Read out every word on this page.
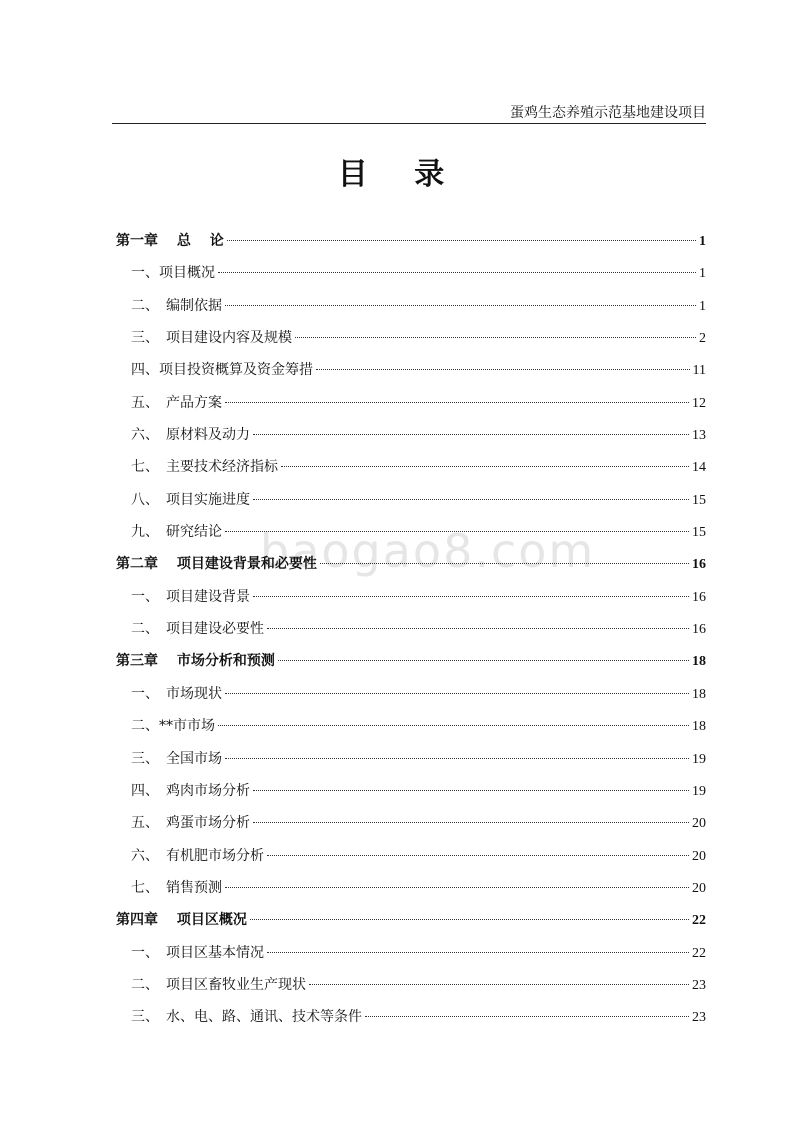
蛋鸡生态养殖示范基地建设项目
目 录
baogao8.com
第一章　 总　 论	1
一、项目概况	1
二、　编制依据	1
三、　项目建设内容及规模	2
四、项目投资概算及资金筹措	11
五、　产品方案	12
六、　原材料及动力	13
七、　主要技术经济指标	14
八、　项目实施进度	15
九、　研究结论	15
第二章　 项目建设背景和必要性	16
一、　项目建设背景	16
二、　项目建设必要性	16
第三章　 市场分析和预测	18
一、　市场现状	18
二、**市市场	18
三、　全国市场	19
四、　鸡肉市场分析	19
五、　鸡蛋市场分析	20
六、　有机肥市场分析	20
七、　销售预测	20
第四章　 项目区概况	22
一、　项目区基本情况	22
二、　项目区畜牧业生产现状	23
三、　水、电、路、通讯、技术等条件	23
